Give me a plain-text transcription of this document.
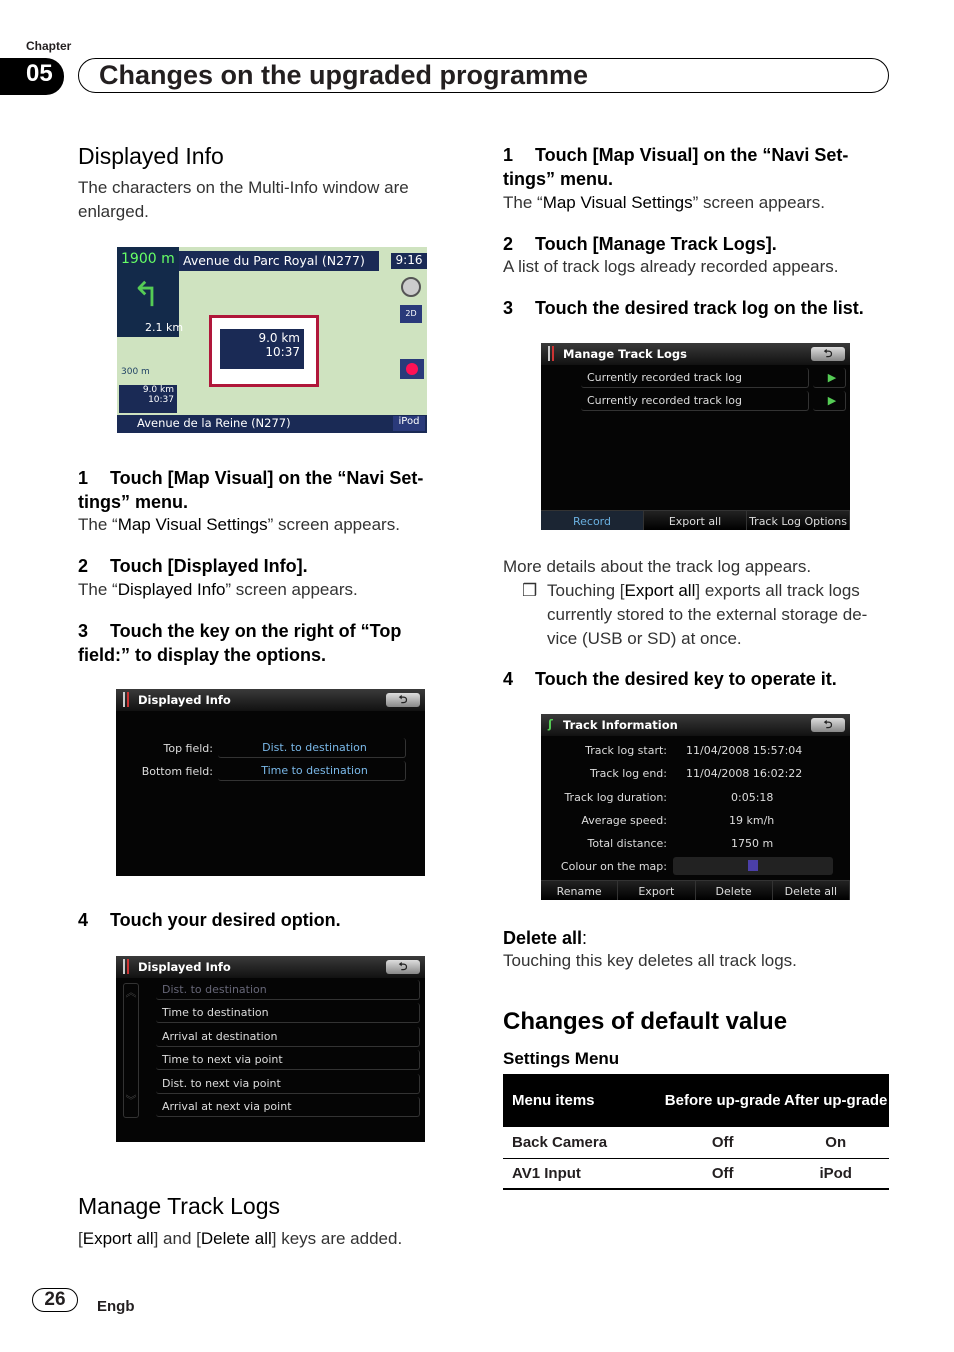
Chapter
05	Changes on the upgraded programme
Displayed Info
The characters on the Multi-Info window are enlarged.
1900 m
↰
2.1 km
Avenue du Parc Royal (N277)	9:16
2D
300 m
9.0 km
10:37
9.0 km
10:37
Avenue de la Reine (N277)	iPod
1 Touch [Map Visual] on the “Navi Set-tings” menu.
The “Map Visual Settings” screen appears.
2 Touch [Displayed Info].
The “Displayed Info” screen appears.
3 Touch the key on the right of “Top field:” to display the options.
Displayed Info	⮌
Top field:	Dist. to destination
Bottom field:	Time to destination
4 Touch your desired option.
Displayed Info	⮌
︽
︾
Dist. to destination
Time to destination
Arrival at destination
Time to next via point
Dist. to next via point
Arrival at next via point
Manage Track Logs
[Export all] and [Delete all] keys are added.
1 Touch [Map Visual] on the “Navi Set-tings” menu.
The “Map Visual Settings” screen appears.
2 Touch [Manage Track Logs].
A list of track logs already recorded appears.
3 Touch the desired track log on the list.
Manage Track Logs	⮌
Currently recorded track log	▶
Currently recorded track log	▶
Record	Export all	Track Log Options
More details about the track log appears.
❒ Touching [Export all] exports all track logs currently stored to the external storage de-vice (USB or SD) at once.
4 Touch the desired key to operate it.
ʃ Track Information	⮌
Track log start: 11/04/2008 15:57:04
Track log end: 11/04/2008 16:02:22
Track log duration:	0:05:18
Average speed:	19 km/h
Total distance:	1750 m
Colour on the map:
Rename	Export	Delete	Delete all
Delete all:
Touching this key deletes all track logs.
Changes of default value
Settings Menu
Menu items	Before up-grade	After up-grade
Back Camera	Off	On
AV1 Input	Off	iPod
26	Engb
